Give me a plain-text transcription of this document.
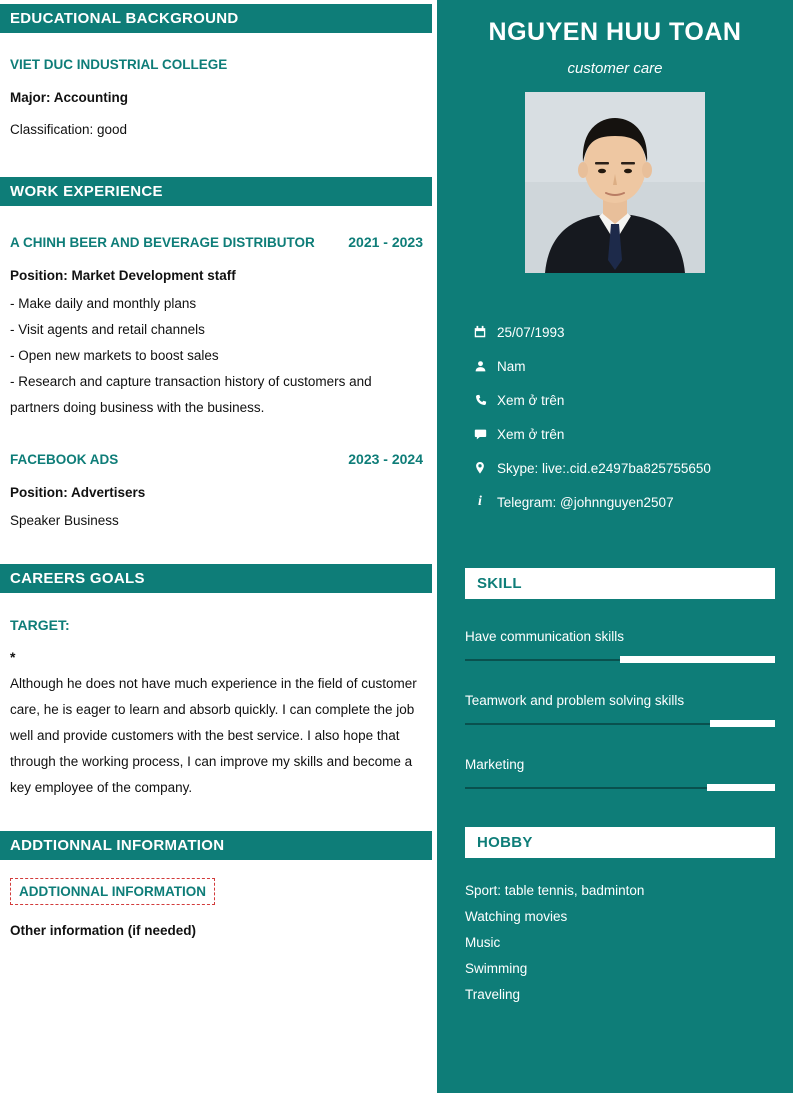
EDUCATIONAL BACKGROUND
VIET DUC INDUSTRIAL COLLEGE
Major: Accounting
Classification: good
WORK EXPERIENCE
A CHINH BEER AND BEVERAGE DISTRIBUTOR 2021 - 2023
Position: Market Development staff
- Make daily and monthly plans
- Visit agents and retail channels
- Open new markets to boost sales
- Research and capture transaction history of customers and partners doing business with the business.
FACEBOOK ADS	2023 - 2024
Position: Advertisers
Speaker Business
CAREERS GOALS
TARGET:
*

Although he does not have much experience in the field of customer care, he is eager to learn and absorb quickly. I can complete the job well and provide customers with the best service. I also hope that through the working process, I can improve my skills and become a key employee of the company.

ADDTIONNAL INFORMATION
ADDTIONNAL INFORMATION
Other information (if needed)
NGUYEN HUU TOAN
customer care
25/07/1993
Nam
Xem ở trên
Xem ở trên
Skype: live:.cid.e2497ba825755650
i Telegram: @johnnguyen2507
SKILL
Have communication skills
Teamwork and problem solving skills
Marketing
HOBBY
Sport: table tennis, badminton
Watching movies
Music
Swimming
Traveling
